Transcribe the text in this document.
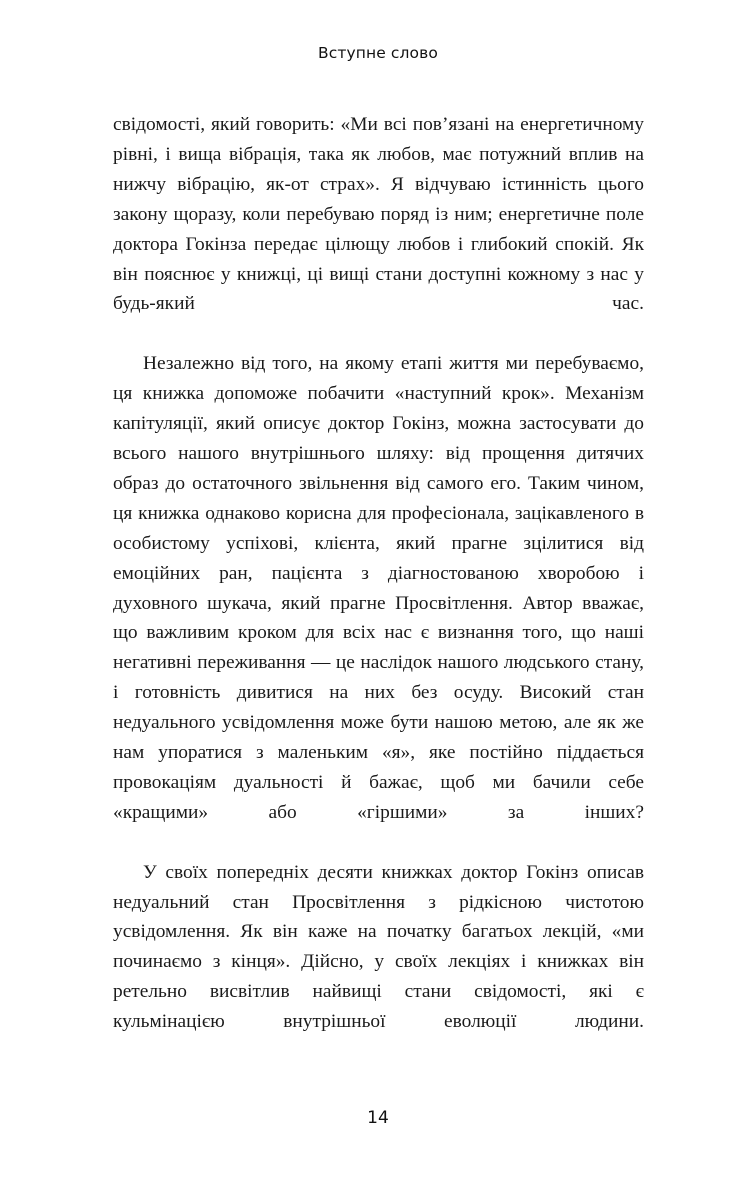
Вступне слово

свідомості, який говорить: «Ми всі пов’язані на енергетичному рівні, і вища вібрація, така як любов, має потужний вплив на нижчу вібрацію, як-от страх». Я відчуваю істинність цього закону щоразу, коли перебуваю поряд із ним; енергетичне поле доктора Гокінза передає цілющу любов і глибокий спокій. Як він пояснює у книжці, ці вищі стани доступні кожному з нас у будь-який час.

Незалежно від того, на якому етапі життя ми перебуваємо, ця книжка допоможе побачити «наступний крок». Механізм капітуляції, який описує доктор Гокінз, можна застосувати до всього нашого внутрішнього шляху: від прощення дитячих образ до остаточного звільнення від самого его. Таким чином, ця книжка однаково корисна для професіонала, зацікавленого в особистому успіхові, клієнта, який прагне зцілитися від емоційних ран, пацієнта з діагностованою хворобою і духовного шукача, який прагне Просвітлення. Автор вважає, що важливим кроком для всіх нас є визнання того, що наші негативні переживання — це наслідок нашого людського стану, і готовність дивитися на них без осуду. Високий стан недуального усвідомлення може бути нашою метою, але як же нам упоратися з маленьким «я», яке постійно піддається провокаціям дуальності й бажає, щоб ми бачили себе «кращими» або «гіршими» за інших?

У своїх попередніх десяти книжках доктор Гокінз описав недуальний стан Просвітлення з рідкісною чистотою усвідомлення. Як він каже на початку багатьох лекцій, «ми починаємо з кінця». Дійсно, у своїх лекціях і книжках він ретельно висвітлив найвищі стани свідомості, які є кульмінацією внутрішньої еволюції людини.

14
